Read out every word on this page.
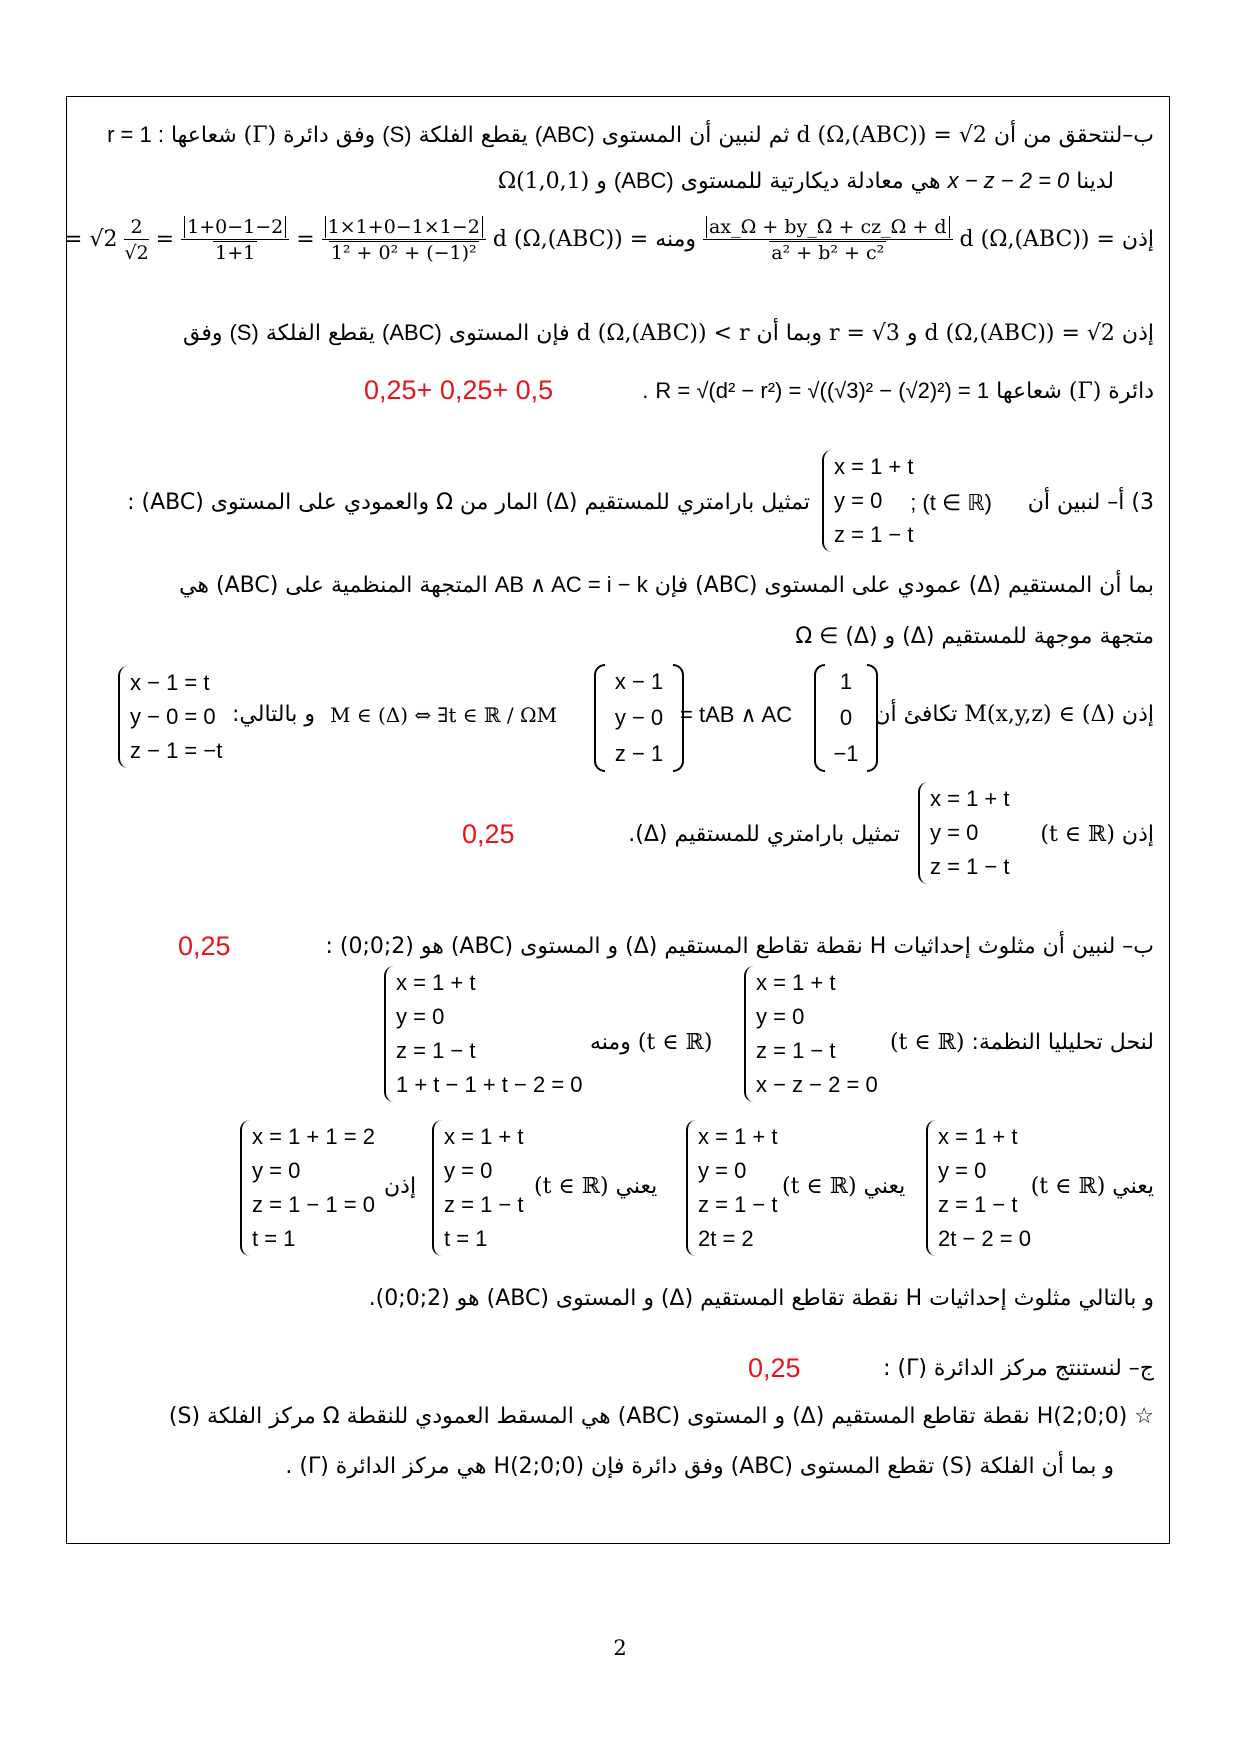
ب–لنتحقق من أن d (Ω,(ABC)) = √2 ثم لنبين أن المستوى (ABC) يقطع الفلكة (S) وفق دائرة (Γ) شعاعها r = 1 :
لدينا x − z − 2 = 0 هي معادلة ديكارتية للمستوى (ABC) و Ω(1,0,1)
إذن d (Ω,(ABC)) =
$\frac{ax\_\Omega + by\_\Omega + cz\_\Omega + d}{\text{a² + b² + c²}}$
ومنه d (Ω,(ABC)) =
$\frac{1\times 1+0-1\times 1-2}{\text{1² + 0² + (−1)²}}$
=
$\frac{1+0-1-2}{1+1}$
=
$\frac{2}{√2}$
= √2
إذن d (Ω,(ABC)) = √2 و r = √3 وبما أن d (Ω,(ABC)) < r فإن المستوى (ABC) يقطع الفلكة (S) وفق
دائرة (Γ) شعاعها R = √(d² − r²) = √((√3)² − (√2)²) = 1 .
0,25+ 0,25+ 0,5
x = 1 + t
y = 0
z = 1 − t
; (t ∈ ℝ) 3) أ– لنبين أن
تمثيل بارامتري للمستقيم (Δ) المار من Ω والعمودي على المستوى (ABC) :
بما أن المستقيم (Δ) عمودي على المستوى (ABC) فإن AB ∧ AC = i − k المتجهة المنظمية على (ABC) هي
متجهة موجهة للمستقيم (Δ) و Ω ∈ (Δ)
إذن M(x,y,z) ∈ (Δ) تكافئ أن
1
0
−1
= tAB ∧ AC
x − 1
y − 0
z − 1
M ∈ (Δ) ⇔ ∃t ∈ ℝ / ΩM
و بالتالي:
x − 1 = t
y − 0 = 0
z − 1 = −t
إذن (t ∈ ℝ)
x = 1 + t
y = 0
z = 1 − t
تمثيل بارامتري للمستقيم (Δ).
0,25
ب– لنبين أن مثلوث إحداثيات H نقطة تقاطع المستقيم (Δ) و المستوى (ABC) هو (2;0;0) :
0,25
لنحل تحليليا النظمة: (t ∈ ℝ)
x = 1 + t
y = 0
z = 1 − t
x − z − 2 = 0
(t ∈ ℝ) ومنه
x = 1 + t
y = 0
z = 1 − t
1 + t − 1 + t − 2 = 0
يعني (t ∈ ℝ)
x = 1 + t
y = 0
z = 1 − t
2t − 2 = 0
يعني (t ∈ ℝ)
x = 1 + t
y = 0
z = 1 − t
2t = 2
يعني (t ∈ ℝ)
x = 1 + t
y = 0
z = 1 − t
t = 1
إذن
x = 1 + 1 = 2
y = 0
z = 1 − 1 = 0
t = 1
و بالتالي مثلوث إحداثيات H نقطة تقاطع المستقيم (Δ) و المستوى (ABC) هو (2;0;0).
ج– لنستنتج مركز الدائرة (Γ) :
0,25
☆ H(2;0;0) نقطة تقاطع المستقيم (Δ) و المستوى (ABC) هي المسقط العمودي للنقطة Ω مركز الفلكة (S)
و بما أن الفلكة (S) تقطع المستوى (ABC) وفق دائرة فإن H(2;0;0) هي مركز الدائرة (Γ) .
2
